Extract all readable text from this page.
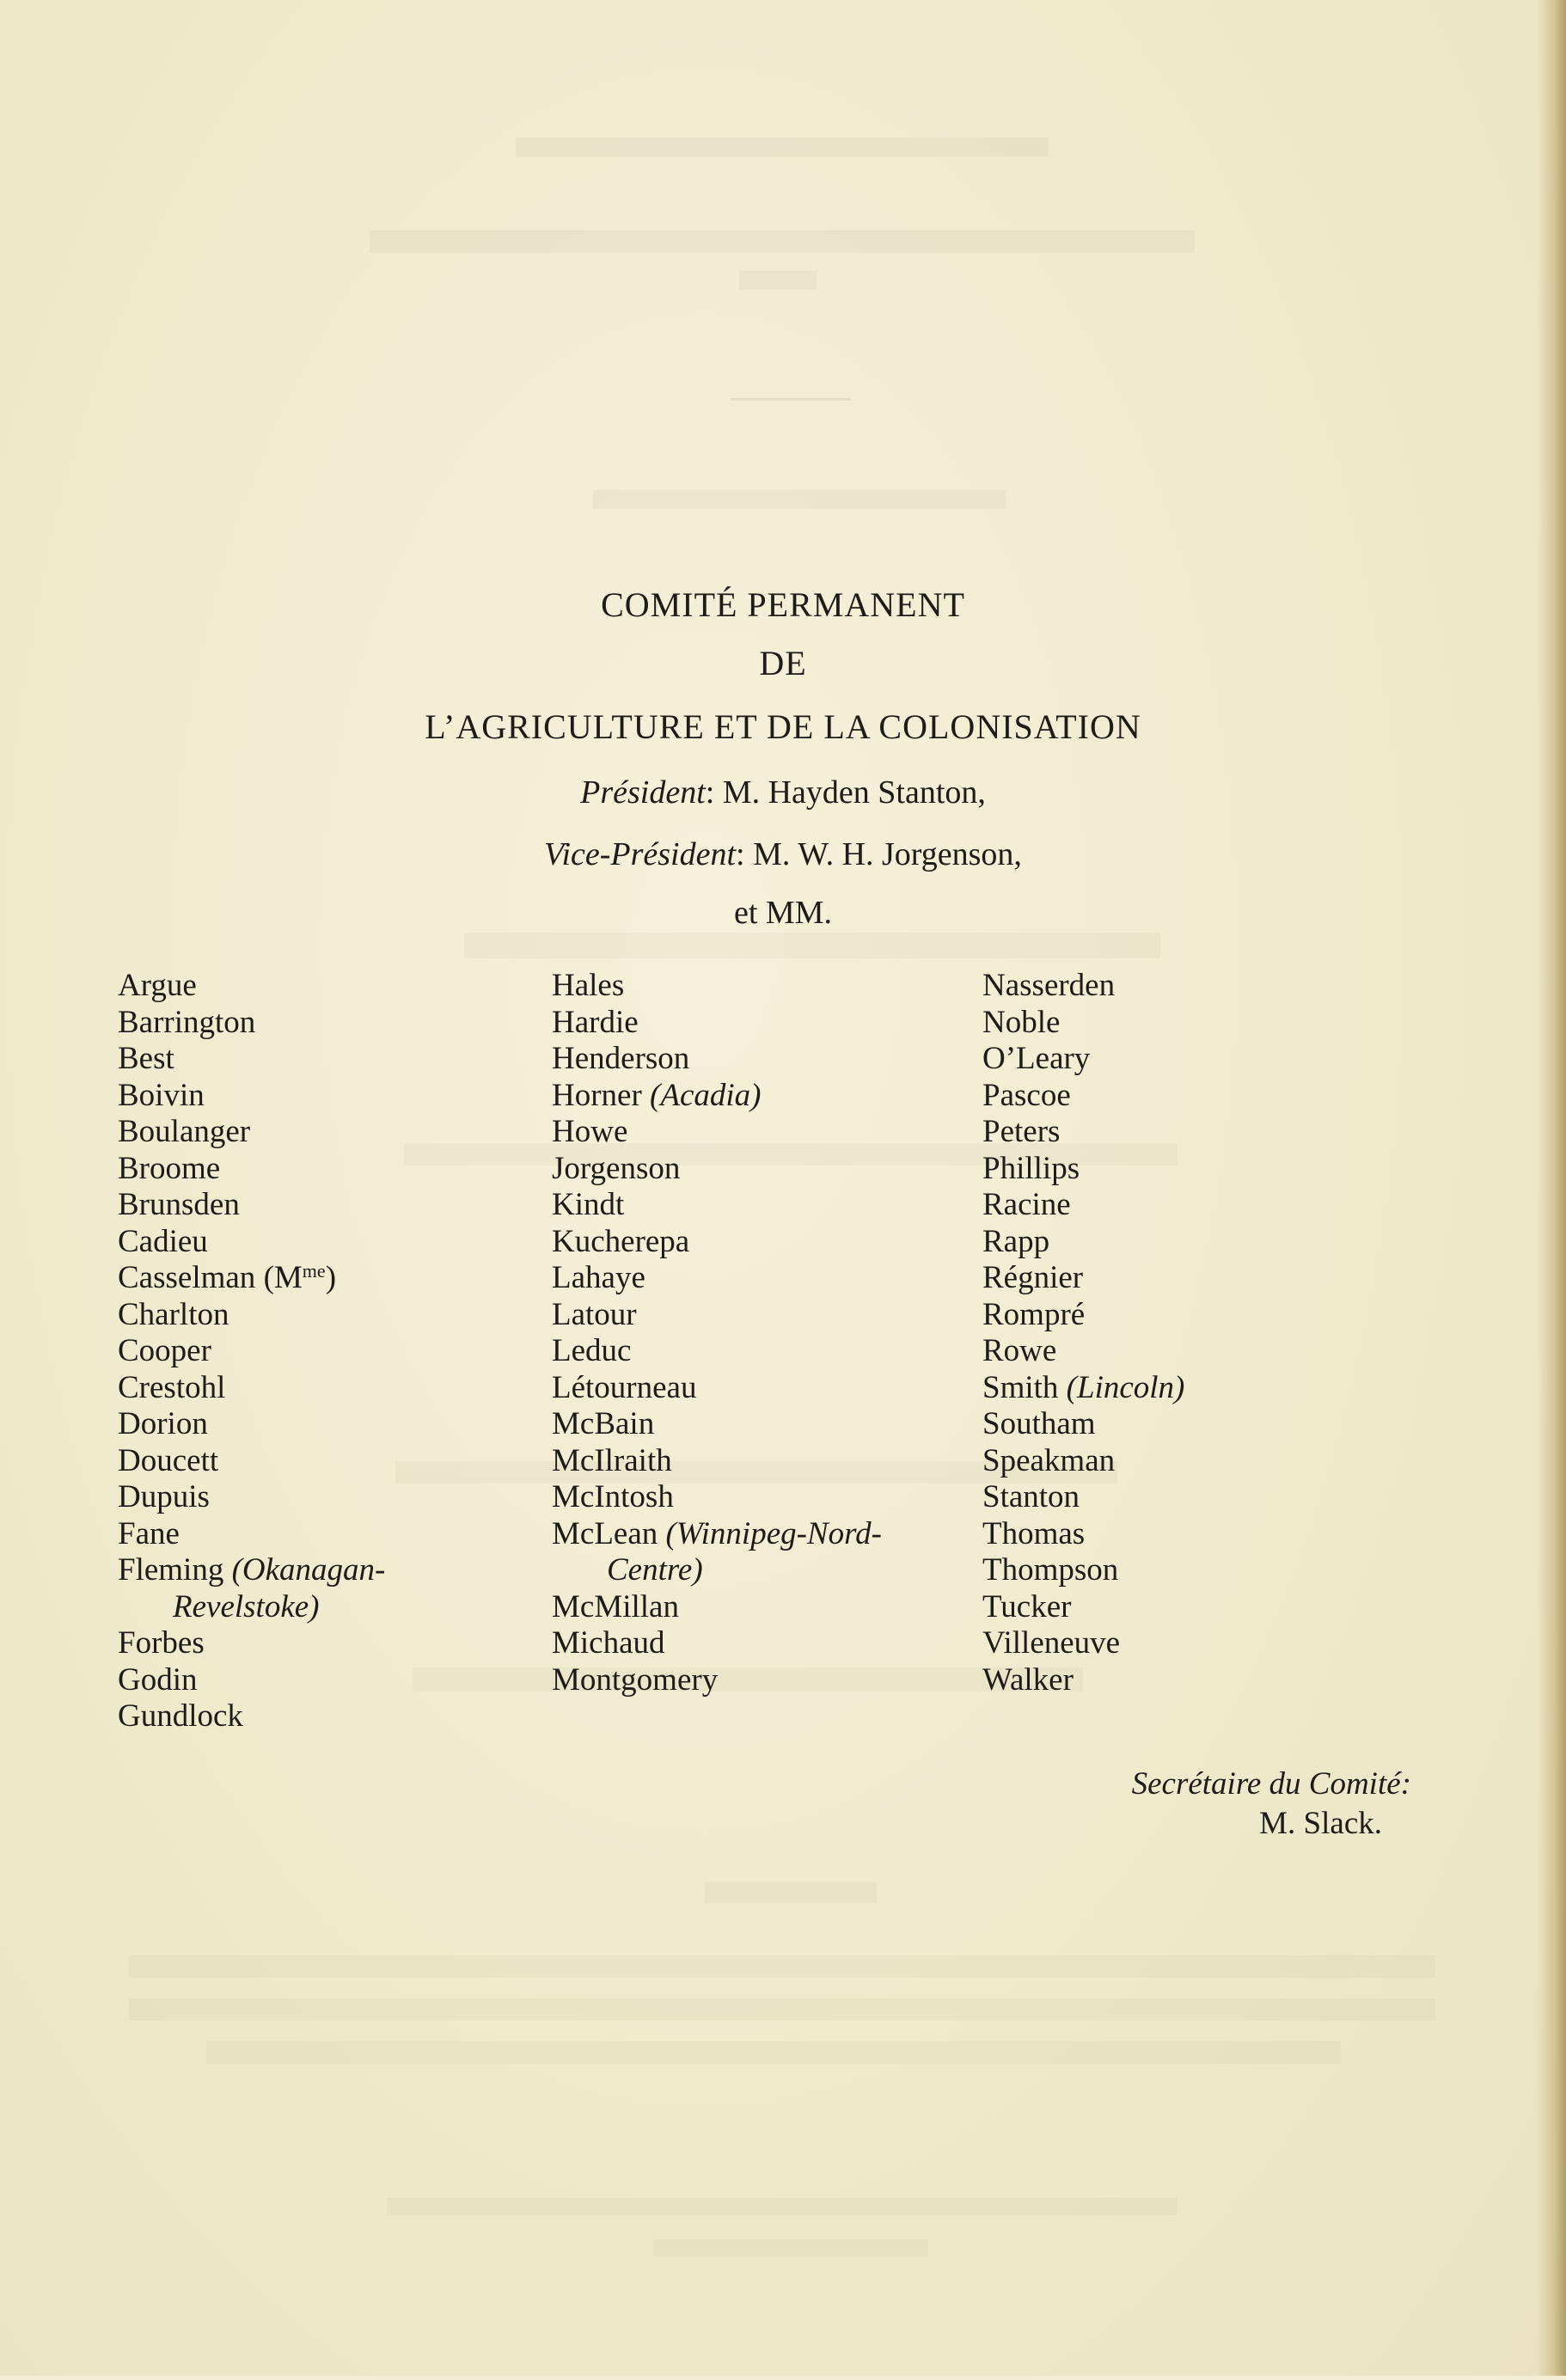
COMITÉ PERMANENT
DE
L’AGRICULTURE ET DE LA COLONISATION
Président: M. Hayden Stanton,
Vice-Président: M. W. H. Jorgenson,
et MM.
Argue
Barrington
Best
Boivin
Boulanger
Broome
Brunsden
Cadieu
Casselman $(M^{me})$
Charlton
Cooper
Crestohl
Dorion
Doucett
Dupuis
Fane
Fleming (Okanagan-
Revelstoke)
Forbes
Godin
Gundlock
Hales
Hardie
Henderson
Horner (Acadia)
Howe
Jorgenson
Kindt
Kucherepa
Lahaye
Latour
Leduc
Létourneau
McBain
McIlraith
McIntosh
McLean (Winnipeg-Nord-
Centre)
McMillan
Michaud
Montgomery
Nasserden
Noble
O’Leary
Pascoe
Peters
Phillips
Racine
Rapp
Régnier
Rompré
Rowe
Smith (Lincoln)
Southam
Speakman
Stanton
Thomas
Thompson
Tucker
Villeneuve
Walker
Secrétaire du Comité:
M. Slack.
